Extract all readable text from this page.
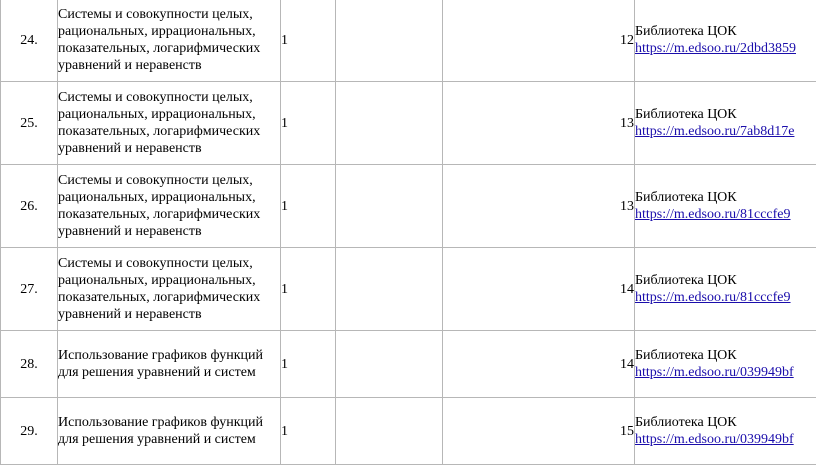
24.	Системы и совокупности целых, рациональных, иррациональных, показательных, логарифмических уравнений и неравенств	1		12	Библиотека ЦОК
https://m.edsoo.ru/2dbd3859

25.	Системы и совокупности целых, рациональных, иррациональных, показательных, логарифмических уравнений и неравенств	1		13	Библиотека ЦОК
https://m.edsoo.ru/7ab8d17e

26.	Системы и совокупности целых, рациональных, иррациональных, показательных, логарифмических уравнений и неравенств	1		13	Библиотека ЦОК
https://m.edsoo.ru/81cccfe9

27.	Системы и совокупности целых, рациональных, иррациональных, показательных, логарифмических уравнений и неравенств	1		14	Библиотека ЦОК
https://m.edsoo.ru/81cccfe9

28.	Использование графиков функций для решения уравнений и систем	1		14	Библиотека ЦОК
https://m.edsoo.ru/039949bf

29.	Использование графиков функций для решения уравнений и систем	1		15	Библиотека ЦОК
https://m.edsoo.ru/039949bf
